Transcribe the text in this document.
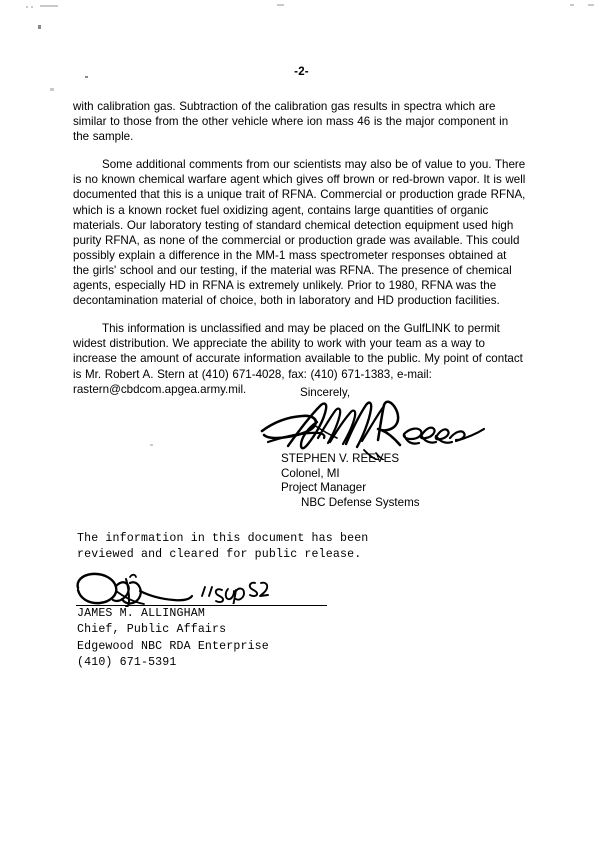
-2-

with calibration gas. Subtraction of the calibration gas results in spectra which are similar to those from the other vehicle where ion mass 46 is the major component in the sample.

Some additional comments from our scientists may also be of value to you. There is no known chemical warfare agent which gives off brown or red-brown vapor. It is well documented that this is a unique trait of RFNA. Commercial or production grade RFNA, which is a known rocket fuel oxidizing agent, contains large quantities of organic materials. Our laboratory testing of standard chemical detection equipment used high purity RFNA, as none of the commercial or production grade was available. This could possibly explain a difference in the MM-1 mass spectrometer responses obtained at the girls' school and our testing, if the material was RFNA. The presence of chemical agents, especially HD in RFNA is extremely unlikely. Prior to 1980, RFNA was the decontamination material of choice, both in laboratory and HD production facilities.

This information is unclassified and may be placed on the GulfLINK to permit widest distribution. We appreciate the ability to work with your team as a way to increase the amount of accurate information available to the public. My point of contact is Mr. Robert A. Stern at (410) 671-4028, fax: (410) 671-1383, e-mail: rastern@cbdcom.apgea.army.mil.	Sincerely,
STEPHEN V. REEVES
Colonel, MI
Project Manager
NBC Defense Systems
The information in this document has been
reviewed and cleared for public release.
JAMES M. ALLINGHAM
Chief, Public Affairs
Edgewood NBC RDA Enterprise
(410) 671-5391
